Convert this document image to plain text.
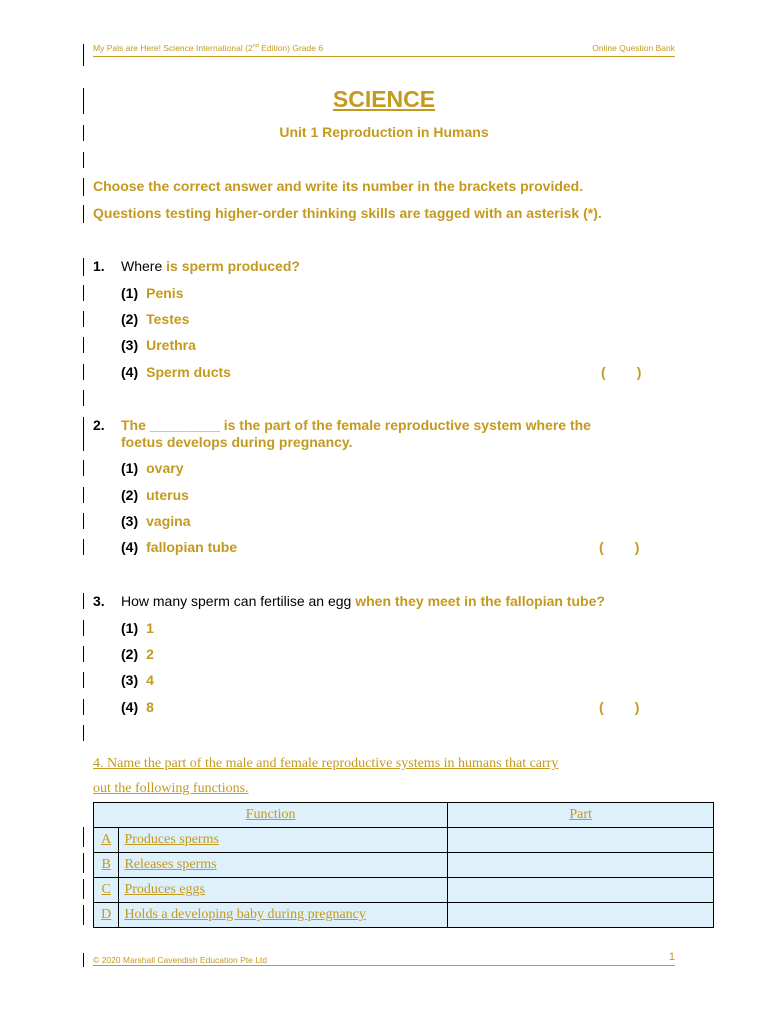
My Pals are Here! Science International (2nd Edition) Grade 6	Online Question Bank
SCIENCE
Unit 1 Reproduction in Humans
Choose the correct answer and write its number in the brackets provided.
Questions testing higher-order thinking skills are tagged with an asterisk (*).
1. Where is sperm produced?
(1) Penis
(2) Testes
(3) Urethra
(4) Sperm ducts	(        )
2. The _________ is the part of the female reproductive system where the
foetus develops during pregnancy.
(1) ovary
(2) uterus
(3) vagina
(4) fallopian tube	(        )
3. How many sperm can fertilise an egg when they meet in the fallopian tube?
(1) 1
(2) 2
(3) 4
(4) 8	(        )
4. Name the part of the male and female reproductive systems in humans that carry
out the following functions.
Function		Part
A	Produces sperms	
B	Releases sperms	
C	Produces eggs	
D	Holds a developing baby during pregnancy	
© 2020 Marshall Cavendish Education Pte Ltd	1
